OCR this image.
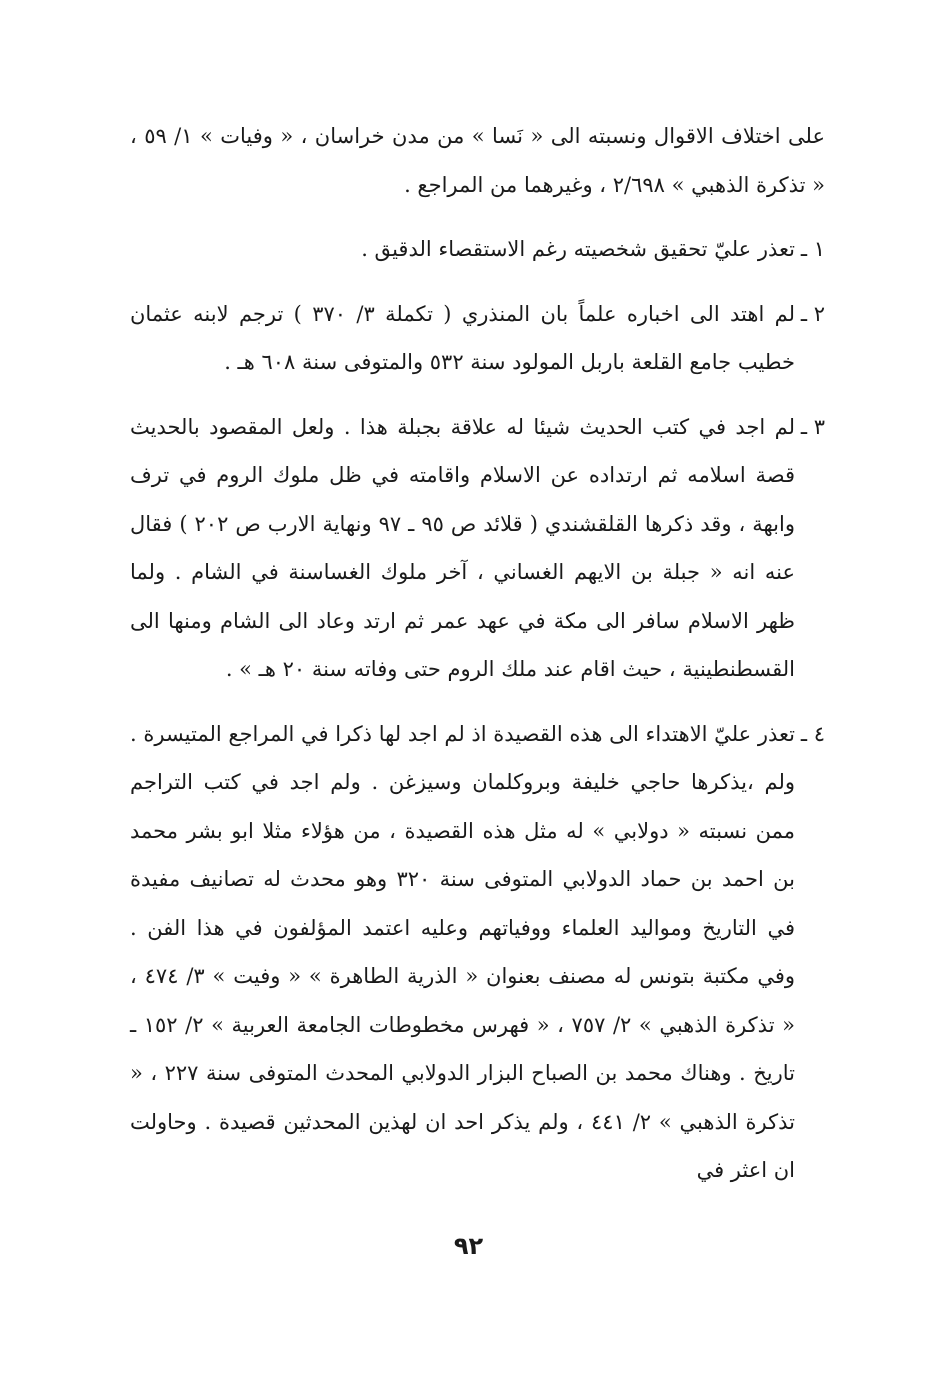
على اختلاف الاقوال ونسبته الى « نَسا » من مدن خراسان ، « وفيات » ١/ ٥٩ ، « تذكرة الذهبي » ٢/٦٩٨ ، وغيرهما من المراجع .

١ ـ
تعذر عليّ تحقيق شخصيته رغم الاستقصاء الدقيق .
٢ ـ
لم اهتد الى اخباره علماً بان المنذري ( تكملة ٣/ ٣٧٠ ) ترجم لابنه عثمان خطيب جامع القلعة باربل المولود سنة ٥٣٢ والمتوفى سنة ٦٠٨ هـ .
٣ ـ
لم اجد في كتب الحديث شيئا له علاقة بجبلة هذا . ولعل المقصود بالحديث قصة اسلامه ثم ارتداده عن الاسلام واقامته في ظل ملوك الروم في ترف وابهة ، وقد ذكرها القلقشندي ( قلائد ص ٩٥ ـ ٩٧ ونهاية الارب ص ٢٠٢ ) فقال عنه انه « جبلة بن الايهم الغساني ، آخر ملوك الغساسنة في الشام . ولما ظهر الاسلام سافر الى مكة في عهد عمر ثم ارتد وعاد الى الشام ومنها الى القسطنطينية ، حيث اقام عند ملك الروم حتى وفاته سنة ٢٠ هـ » .
٤ ـ
تعذر عليّ الاهتداء الى هذه القصيدة اذ لم اجد لها ذكرا في المراجع المتيسرة . ولم ،يذكرها حاجي خليفة وبروكلمان وسيزغن . ولم اجد في كتب التراجم ممن نسبته « دولابي » له مثل هذه القصيدة ، من هؤلاء مثلا ابو بشر محمد بن احمد بن حماد الدولابي المتوفى سنة ٣٢٠ وهو محدث له تصانيف مفيدة في التاريخ ومواليد العلماء ووفياتهم وعليه اعتمد المؤلفون في هذا الفن . وفي مكتبة بتونس له مصنف بعنوان « الذرية الطاهرة » « وفيت » ٣/ ٤٧٤ ، « تذكرة الذهبي » ٢/ ٧٥٧ ، « فهرس مخطوطات الجامعة العربية » ٢/ ١٥٢ ـ تاريخ . وهناك محمد بن الصباح البزار الدولابي المحدث المتوفى سنة ٢٢٧ ، « تذكرة الذهبي » ٢/ ٤٤١ ، ولم يذكر احد ان لهذين المحدثين قصيدة . وحاولت ان اعثر في
٩٢
